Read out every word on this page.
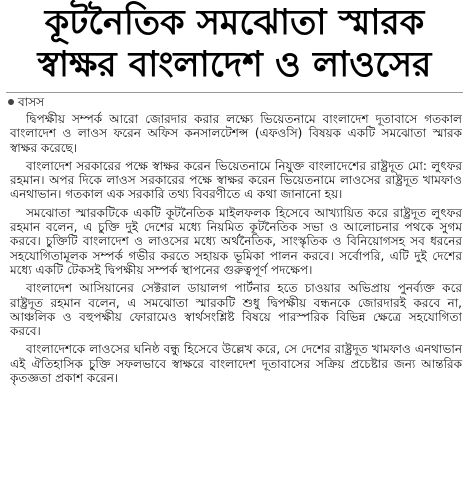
কূটনৈতিক সমঝোতা স্মারক
স্বাক্ষর বাংলাদেশ ও লাওসের
বাসস

দ্বিপক্ষীয় সম্পর্ক আরো জোরদার করার লক্ষ্যে ভিয়েতনামে বাংলাদেশ দূতাবাসে গতকাল বাংলাদেশ ও লাওস ফরেন অফিস কনসালটেশন্স (এফওসি) বিষয়ক একটি সমঝোতা স্মারক স্বাক্ষর করেছে।

বাংলাদেশ সরকারের পক্ষে স্বাক্ষর করেন ভিয়েতনামে নিযুক্ত বাংলাদেশের রাষ্ট্রদূত মো: লুৎফর রহমান। অপর দিকে লাওস সরকারের পক্ষে স্বাক্ষর করেন ভিয়েতনামে লাওসের রাষ্ট্রদূত খামফাও এনথাভান। গতকাল এক সরকারি তথ্য বিবরণীতে এ কথা জানানো হয়।

সমঝোতা স্মারকটিকে একটি কূটনৈতিক মাইলফলক হিসেবে আখ্যায়িত করে রাষ্ট্রদূত লুৎফর রহমান বলেন, এ চুক্তি দুই দেশের মধ্যে নিয়মিত কূটনৈতিক সভা ও আলোচনার পথকে সুগম করবে। চুক্তিটি বাংলাদেশ ও লাওসের মধ্যে অর্থনৈতিক, সাংস্কৃতিক ও বিনিয়োগসহ সব ধরনের সহযোগিতামূলক সম্পর্ক গভীর করতে সহায়ক ভূমিকা পালন করবে। সর্বোপরি, এটি দুই দেশের মধ্যে একটি টেকসই দ্বিপক্ষীয় সম্পর্ক স্থাপনের গুরুত্বপূর্ণ পদক্ষেপ।

বাংলাদেশ আসিয়ানের সেক্টরাল ডায়ালগ পার্টনার হতে চাওয়ার অভিপ্রায় পুনর্ব্যক্ত করে রাষ্ট্রদূত রহমান বলেন, এ সমঝোতা স্মারকটি শুধু দ্বিপক্ষীয় বন্ধনকে জোরদারই করবে না, আঞ্চলিক ও বহুপক্ষীয় ফোরামেও স্বার্থসংশ্লিষ্ট বিষয়ে পারস্পরিক বিভিন্ন ক্ষেত্রে সহযোগিতা করবে।

বাংলাদেশকে লাওসের ঘনিষ্ঠ বন্ধু হিসেবে উল্লেখ করে, সে দেশের রাষ্ট্রদূত খামফাও এনথাভান এই ঐতিহাসিক চুক্তি সফলভাবে স্বাক্ষরে বাংলাদেশ দূতাবাসের সক্রিয় প্রচেষ্টার জন্য আন্তরিক কৃতজ্ঞতা প্রকাশ করেন।
